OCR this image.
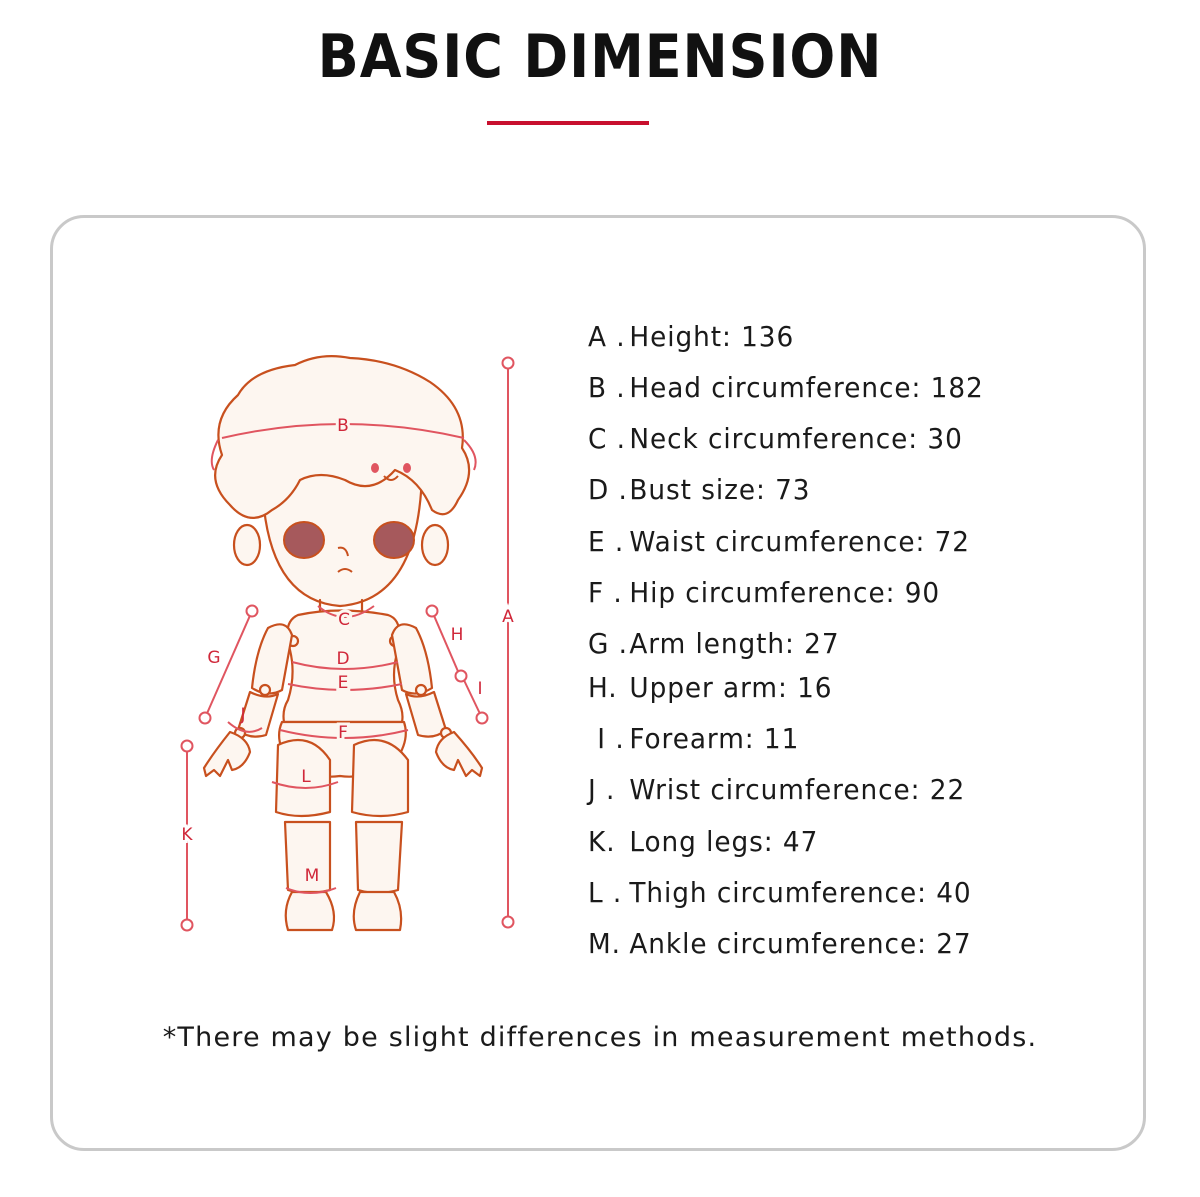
BASIC DIMENSION
A
B
C
D
E
F
G
H
I
J
K
L
M
A . Height: 136
B . Head circumference: 182
C . Neck circumference: 30
D .Bust size: 73
E . Waist circumference: 72
F . Hip circumference: 90
G .Arm length: 27
H. Upper arm: 16
I . Forearm: 11
J . Wrist circumference: 22
K. Long legs: 47
L . Thigh circumference: 40
M. Ankle circumference: 27
*There may be slight differences in measurement methods.
